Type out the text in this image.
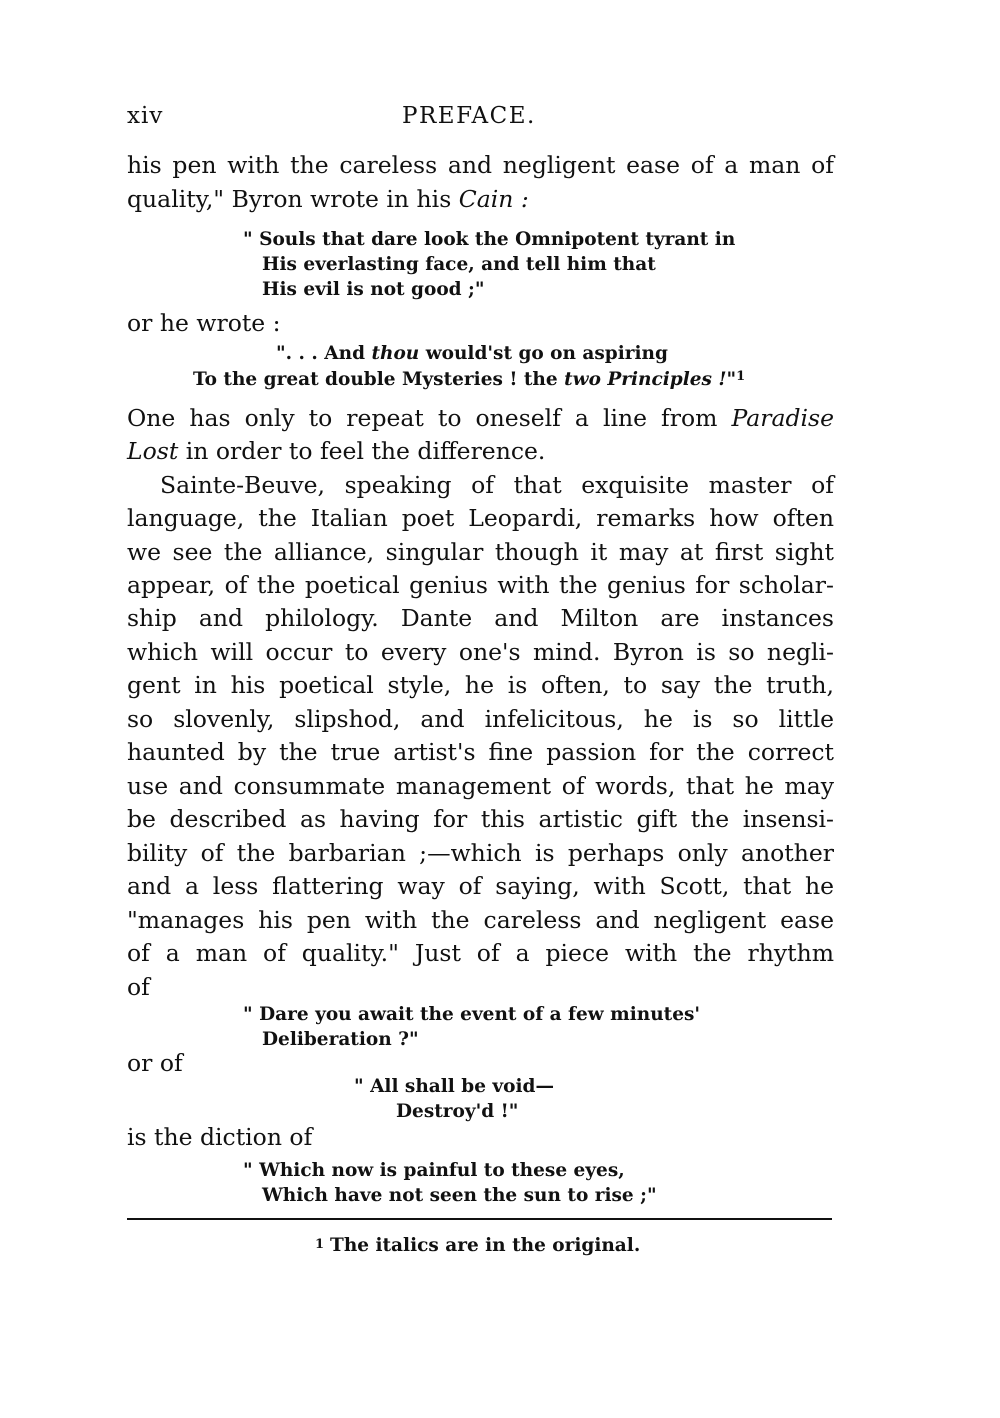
xiv	PREFACE.
his pen with the careless and negligent ease of a man of
quality," Byron wrote in his Cain :
" Souls that dare look the Omnipotent tyrant in
His everlasting face, and tell him that
His evil is not good ;"
or he wrote :
". . . And thou would'st go on aspiring
To the great double Mysteries ! the two Principles !"$^1$
One has only to repeat to oneself a line from Paradise
Lost in order to feel the difference.
Sainte-Beuve, speaking of that exquisite master of
language, the Italian poet Leopardi, remarks how often
we see the alliance, singular though it may at first sight
appear, of the poetical genius with the genius for scholar-
ship and philology. Dante and Milton are instances
which will occur to every one's mind. Byron is so negli-
gent in his poetical style, he is often, to say the truth,
so slovenly, slipshod, and infelicitous, he is so little
haunted by the true artist's fine passion for the correct
use and consummate management of words, that he may
be described as having for this artistic gift the insensi-
bility of the barbarian ;—which is perhaps only another
and a less flattering way of saying, with Scott, that he
"manages his pen with the careless and negligent ease
of a man of quality." Just of a piece with the rhythm
of
" Dare you await the event of a few minutes'
Deliberation ?"
or of
" All shall be void—
Destroy'd !"
is the diction of
" Which now is painful to these eyes,
Which have not seen the sun to rise ;"
1 The italics are in the original.
